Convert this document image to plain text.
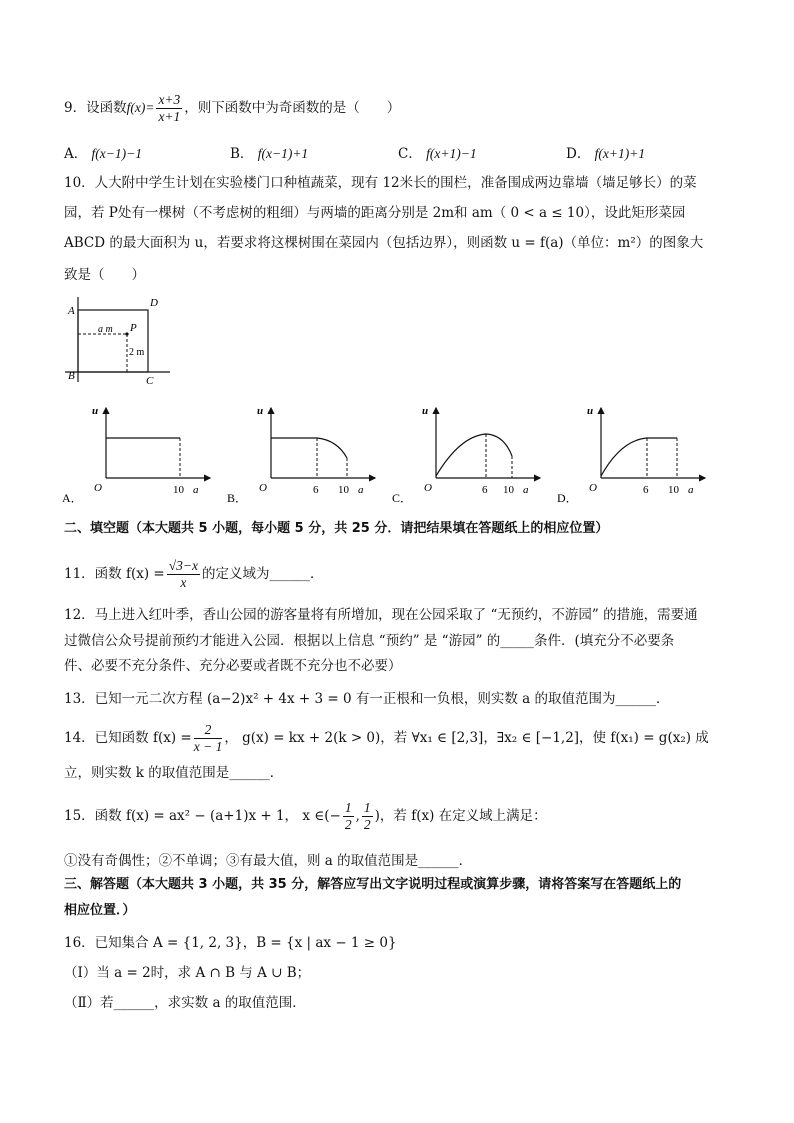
9．设函数$f(x)= \frac{x+3}{x+1}$ ，则下函数中为奇函数的是（　　）
A． f(x−1)−1	B． f(x−1)+1	C． f(x+1)−1	D． f(x+1)+1
10．人大附中学生计划在实验楼门口种植蔬菜，现有 12米长的围栏，准备围成两边靠墙（墙足够长）的菜
园，若 P处有一棵树（不考虑树的粗细）与两墙的距离分别是 2m和 am（ 0 < a ≤ 10），设此矩形菜园
ABCD 的最大面积为 u，若要求将这棵树围在菜园内（包括边界），则函数 u = f(a)（单位：m²）的图象大
致是（　　）
A
D
B	C
P
a m
2 m
u
O	10 a
A．
u
O	6 10 a
B．
u
O	6 10 a
C．
u
O	6 10 a
D．
二、填空题（本大题共 5 小题，每小题 5 分，共 25 分．请把结果填在答题纸上的相应位置）
11．函数 $f(x) = \frac{√3-x}{x}$ 的定义域为______．
12．马上进入红叶季，香山公园的游客量将有所增加，现在公园采取了 “无预约，不游园” 的措施，需要通
过微信公众号提前预约才能进入公园．根据以上信息 “预约” 是 “游园” 的_____条件．(填充分不必要条
件、必要不充分条件、充分必要或者既不充分也不必要）
13．已知一元二次方程 (a−2)x² + 4x + 3 = 0 有一正根和一负根，则实数 a 的取值范围为______．
14．已知函数 $f(x) = \frac{2}{x - 1}$ ， g(x) = kx + 2(k > 0)，若 ∀x₁ ∈ [2,3]，∃x₂ ∈ [−1,2]，使 f(x₁) = g(x₂) 成
立，则实数 k 的取值范围是______．
15．函数 f(x) = ax² − (a+1)x + 1， x ∈(− $\frac{1}{2}$ , $\frac{1}{2}$ )，若 f(x) 在定义域上满足：
①没有奇偶性；②不单调；③有最大值，则 a 的取值范围是______．
三、解答题（本大题共 3 小题，共 35 分，解答应写出文字说明过程或演算步骤，请将答案写在答题纸上的
相应位置．）
16．已知集合 A = {1, 2, 3}，B = {x | ax − 1 ≥ 0}
（Ⅰ）当 a = 2时，求 A ∩ B 与 A ∪ B；
（Ⅱ）若______，求实数 a 的取值范围．
